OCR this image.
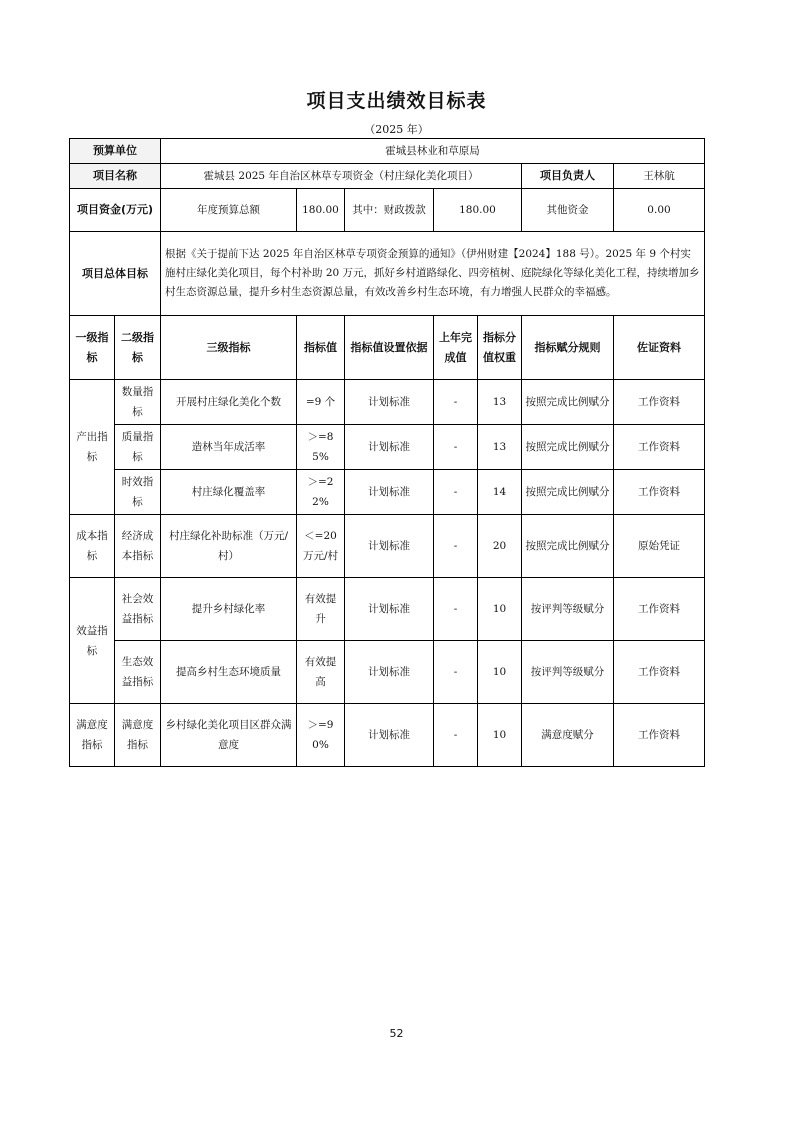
项目支出绩效目标表
（2025 年）
预算单位		霍城县林业和草原局						
项目名称		霍城县 2025 年自治区林草专项资金（村庄绿化美化项目）					项目负责人	王林航
项目资金(万元)		年度预算总额	180.00	其中：财政拨款	180.00		其他资金	0.00
项目总体目标		根据《关于提前下达 2025 年自治区林草专项资金预算的通知》（伊州财建【2024】188 号）。2025 年 9 个村实施村庄绿化美化项目，每个村补助 20 万元，抓好乡村道路绿化、四旁植树、庭院绿化等绿化美化工程，持续增加乡村生态资源总量，提升乡村生态资源总量，有效改善乡村生态环境，有力增强人民群众的幸福感。						
一级指标	二级指标	三级指标	指标值	指标值设置依据	上年完成值	指标分值权重	指标赋分规则	佐证资料
产出指标	数量指标	开展村庄绿化美化个数	=9 个	计划标准	-	13	按照完成比例赋分	工作资料
	质量指标	造林当年成活率	＞=85%	计划标准	-	13	按照完成比例赋分	工作资料
	时效指标	村庄绿化覆盖率	＞=22%	计划标准	-	14	按照完成比例赋分	工作资料
成本指标	经济成本指标	村庄绿化补助标准（万元/村）	＜=20 万元/村	计划标准	-	20	按照完成比例赋分	原始凭证
效益指标	社会效益指标	提升乡村绿化率	有效提升	计划标准	-	10	按评判等级赋分	工作资料
	生态效益指标	提高乡村生态环境质量	有效提高	计划标准	-	10	按评判等级赋分	工作资料
满意度指标	满意度指标	乡村绿化美化项目区群众满意度	＞=90%	计划标准	-	10	满意度赋分	工作资料
52
